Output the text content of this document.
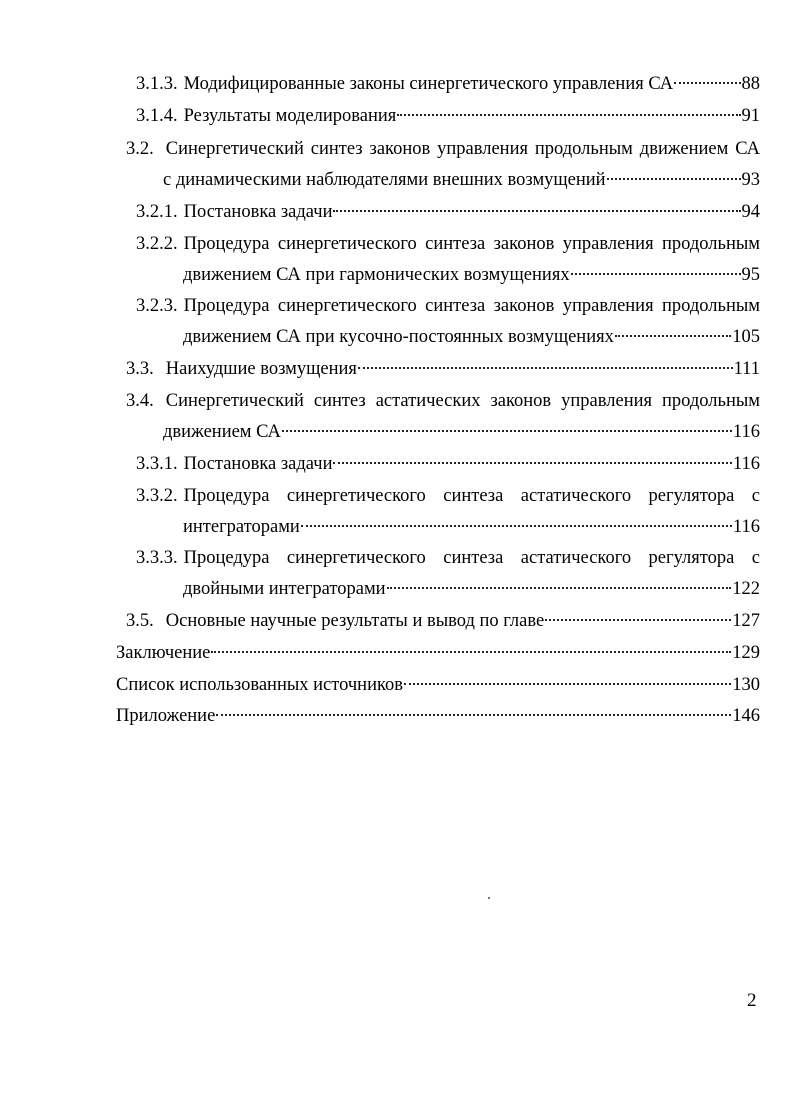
3.1.3. Модифицированные законы синергетического управления СА	88
3.1.4. Результаты моделирования	91
3.2. Синергетический синтез законов управления продольным движением СА
с динамическими наблюдателями внешних возмущений	93
3.2.1. Постановка задачи	94
3.2.2. Процедура синергетического синтеза законов управления продольным
движением СА при гармонических возмущениях	95
3.2.3. Процедура синергетического синтеза законов управления продольным
движением СА при кусочно-постоянных возмущениях	105
3.3. Наихудшие возмущения	111
3.4. Синергетический синтез астатических законов управления продольным
движением СА	116
3.3.1. Постановка задачи	116
3.3.2. Процедура синергетического синтеза астатического регулятора с
интеграторами	116
3.3.3. Процедура синергетического синтеза астатического регулятора с
двойными интеграторами	122
3.5. Основные научные результаты и вывод по главе	127
Заключение	129
Список использованных источников	130
Приложение	146
2
